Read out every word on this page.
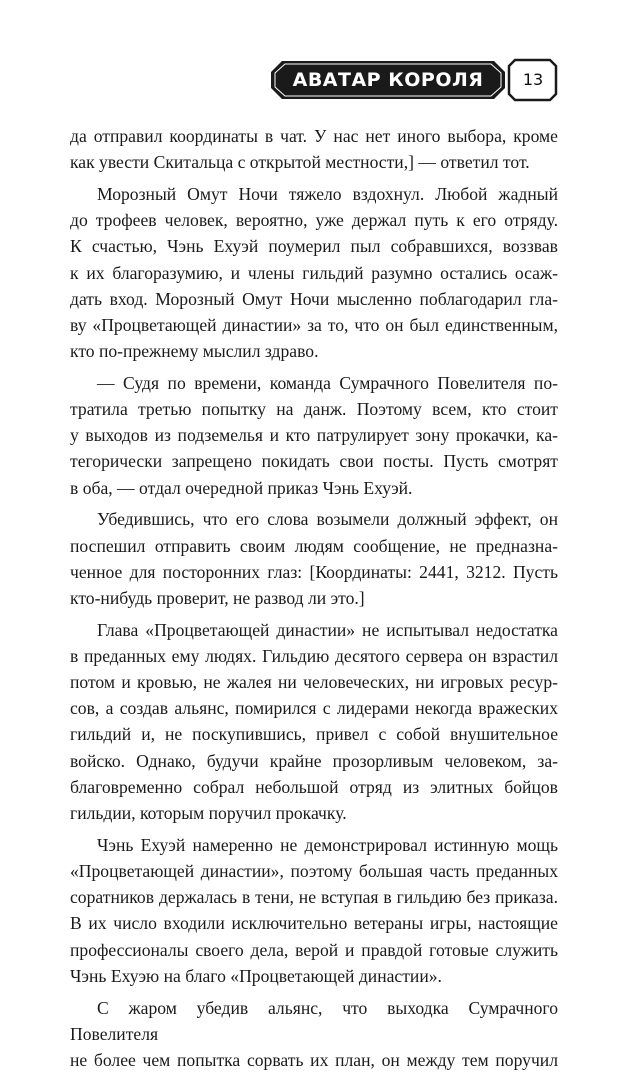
АВАТАР КОРОЛЯ	13

да отправил координаты в чат. У нас нет иного выбора, кроме

как увести Скитальца с открытой местности,] — ответил тот.

Морозный Омут Ночи тяжело вздохнул. Любой жадный

до трофеев человек, вероятно, уже держал путь к его отряду.

К счастью, Чэнь Ехуэй поумерил пыл собравшихся, воззвав

к их благоразумию, и члены гильдий разумно остались осаж-

дать вход. Морозный Омут Ночи мысленно поблагодарил гла-

ву «Процветающей династии» за то, что он был единственным,

кто по-прежнему мыслил здраво.

— Судя по времени, команда Сумрачного Повелителя по-

тратила третью попытку на данж. Поэтому всем, кто стоит

у выходов из подземелья и кто патрулирует зону прокачки, ка-

тегорически запрещено покидать свои посты. Пусть смотрят

в оба, — отдал очередной приказ Чэнь Ехуэй.

Убедившись, что его слова возымели должный эффект, он

поспешил отправить своим людям сообщение, не предназна-

ченное для посторонних глаз: [Координаты: 2441, 3212. Пусть

кто-нибудь проверит, не развод ли это.]

Глава «Процветающей династии» не испытывал недостатка

в преданных ему людях. Гильдию десятого сервера он взрастил

потом и кровью, не жалея ни человеческих, ни игровых ресур-

сов, а создав альянс, помирился с лидерами некогда вражеских

гильдий и, не поскупившись, привел с собой внушительное

войско. Однако, будучи крайне прозорливым человеком, за-

благовременно собрал небольшой отряд из элитных бойцов

гильдии, которым поручил прокачку.

Чэнь Ехуэй намеренно не демонстрировал истинную мощь

«Процветающей династии», поэтому большая часть преданных

соратников держалась в тени, не вступая в гильдию без приказа.

В их число входили исключительно ветераны игры, настоящие

профессионалы своего дела, верой и правдой готовые служить

Чэнь Ехуэю на благо «Процветающей династии».

С жаром убедив альянс, что выходка Сумрачного Повелителя

не более чем попытка сорвать их план, он между тем поручил
